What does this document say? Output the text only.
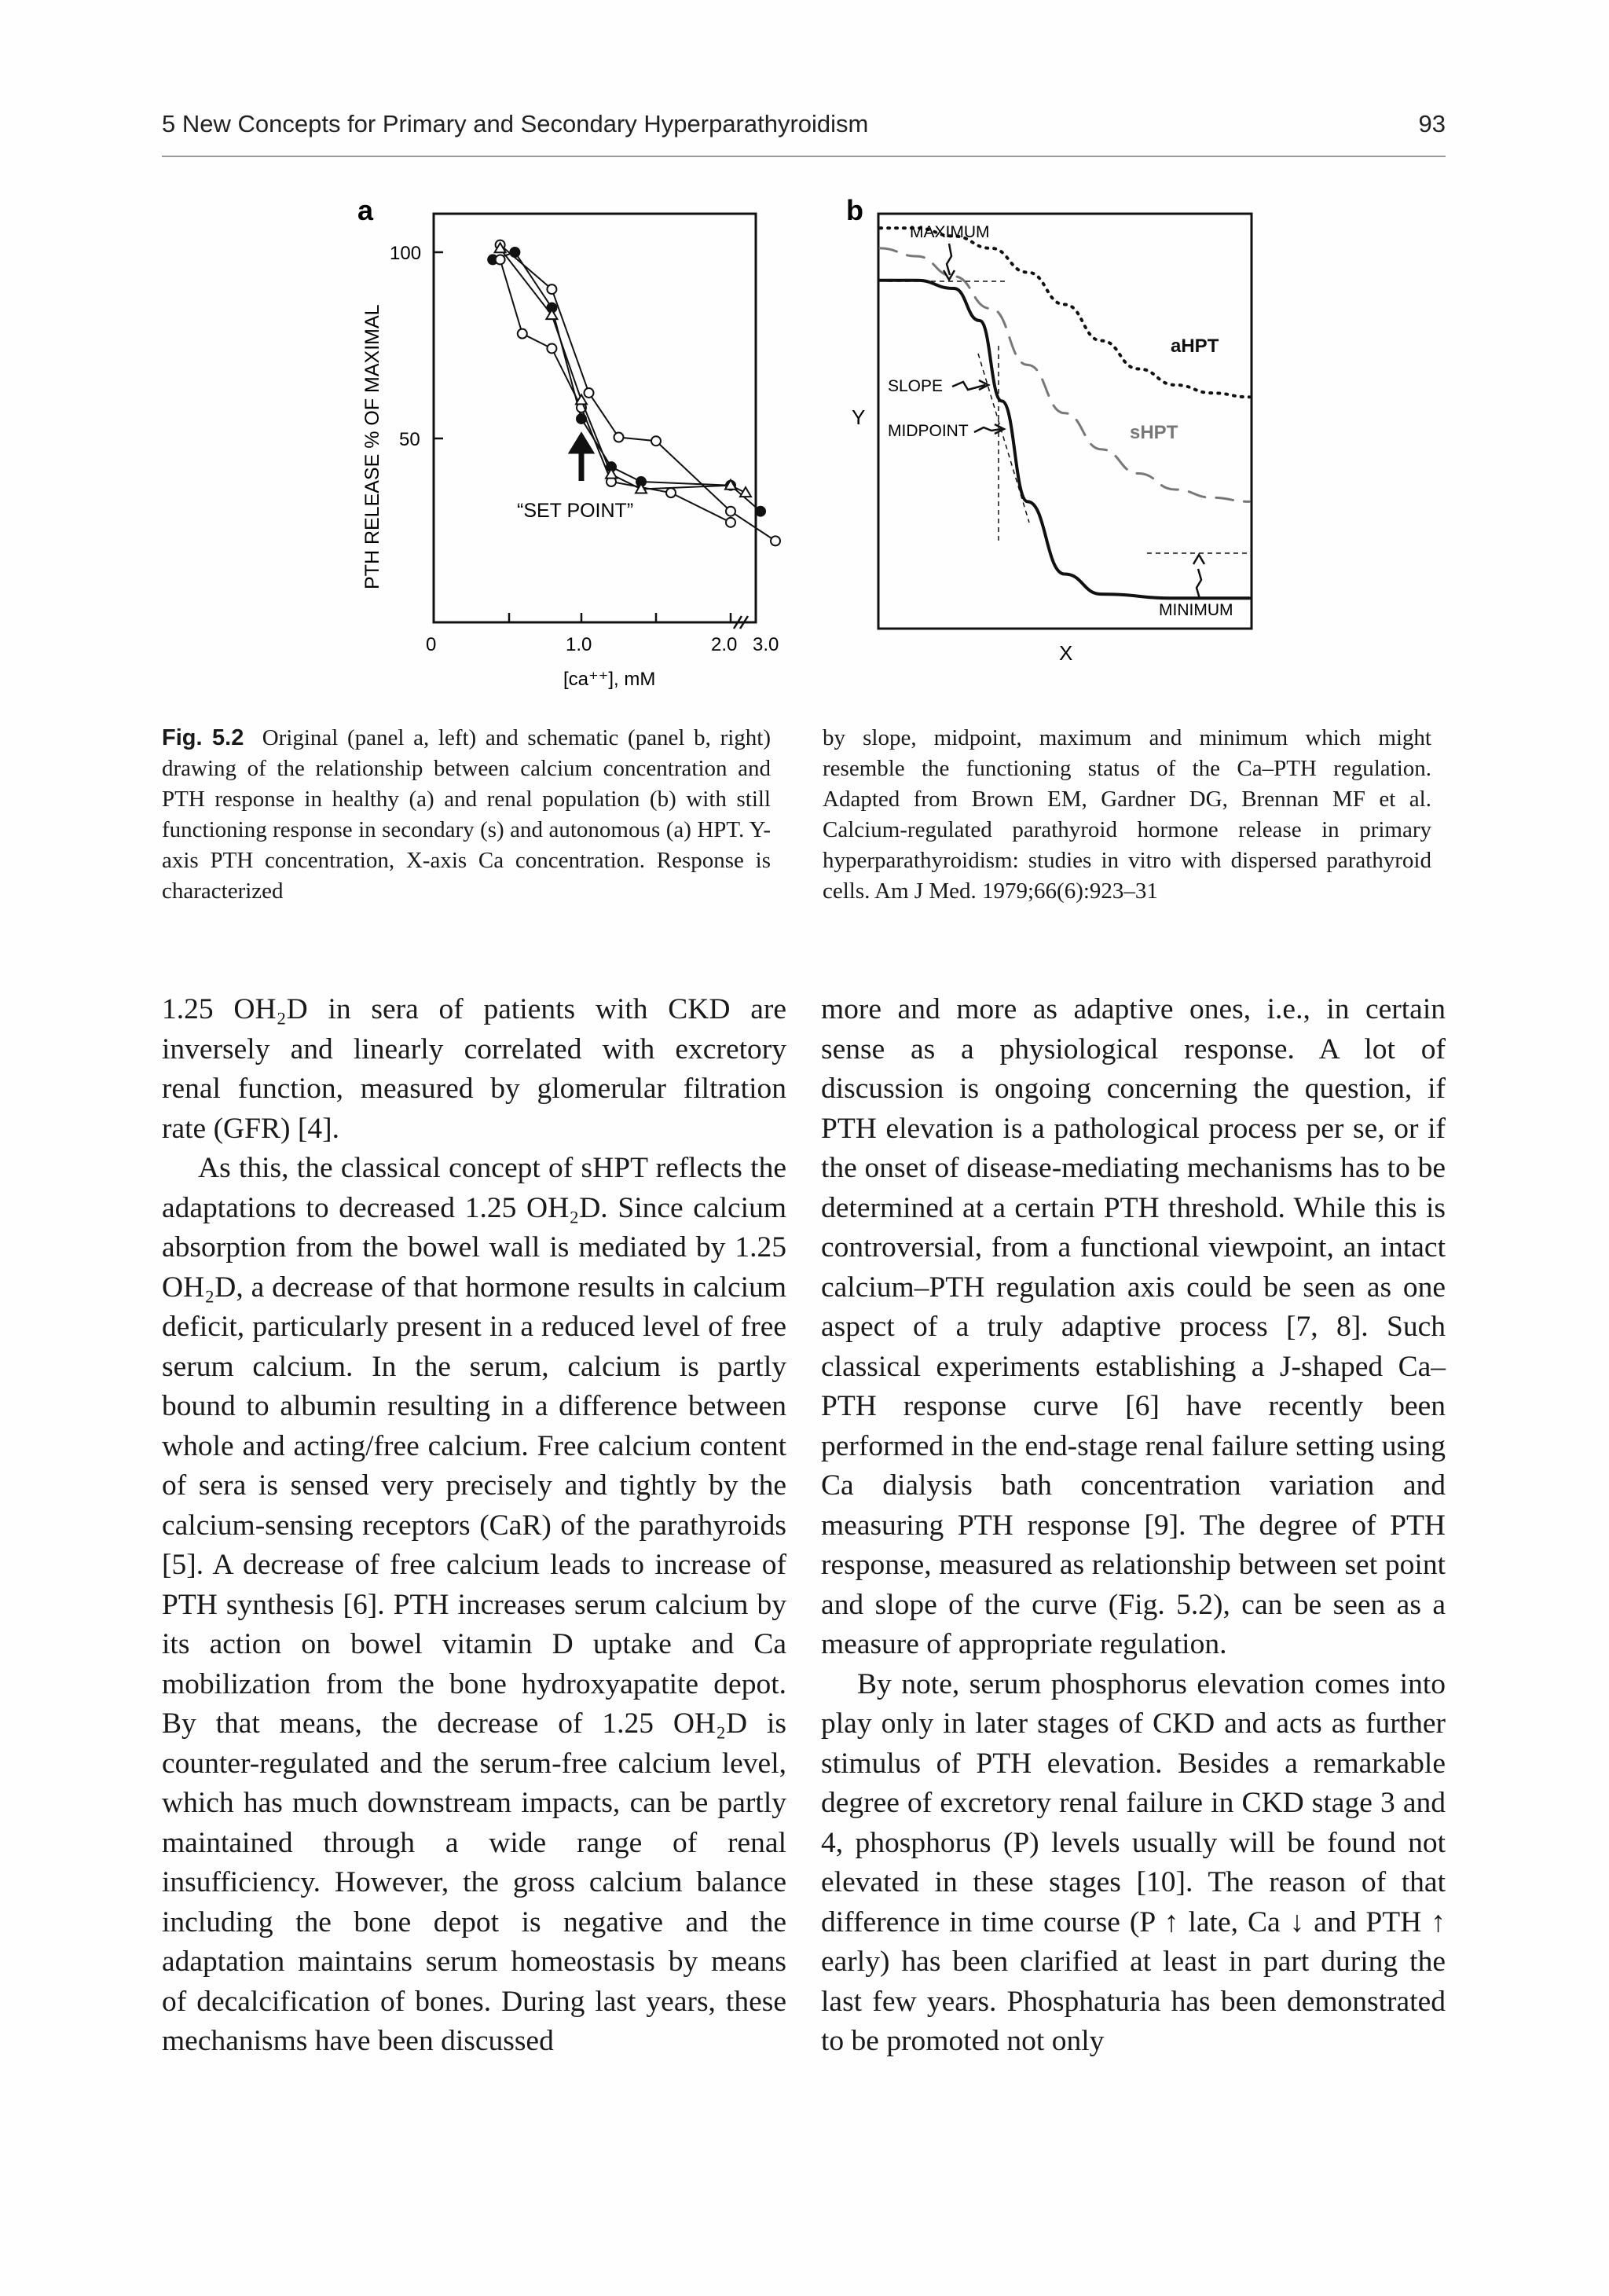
5 New Concepts for Primary and Secondary Hyperparathyroidism	93
a
PTH RELEASE % OF MAXIMAL
100
50
0	1.0	2.0 3.0
[ca⁺⁺], mM
“SET POINT”
b
Y
X
MAXIMUM
SLOPE
MIDPOINT
MINIMUM
aHPT
sHPT
Fig. 5.2 Original (panel a, left) and schematic (panel b, right) drawing of the relationship between calcium concentration and PTH response in healthy (a) and renal population (b) with still functioning response in secondary (s) and autonomous (a) HPT. Y-axis PTH concentration, X-axis Ca concentration. Response is characterized
by slope, midpoint, maximum and minimum which might resemble the functioning status of the Ca–PTH regulation. Adapted from Brown EM, Gardner DG, Brennan MF et al. Calcium-regulated parathyroid hormone release in primary hyperparathyroidism: studies in vitro with dispersed parathyroid cells. Am J Med. 1979;66(6):923–31

1.25 OH₂D in sera of patients with CKD are inversely and linearly correlated with excretory renal function, measured by glomerular filtration rate (GFR) [4].

As this, the classical concept of sHPT reflects the adaptations to decreased 1.25 OH₂D. Since calcium absorption from the bowel wall is mediated by 1.25 OH₂D, a decrease of that hormone results in calcium deficit, particularly present in a reduced level of free serum calcium. In the serum, calcium is partly bound to albumin resulting in a difference between whole and acting/free calcium. Free calcium content of sera is sensed very precisely and tightly by the calcium-sensing receptors (CaR) of the parathyroids [5]. A decrease of free calcium leads to increase of PTH synthesis [6]. PTH increases serum calcium by its action on bowel vitamin D uptake and Ca mobilization from the bone hydroxyapatite depot. By that means, the decrease of 1.25 OH₂D is counter-regulated and the serum-free calcium level, which has much downstream impacts, can be partly maintained through a wide range of renal insufficiency. However, the gross calcium balance including the bone depot is negative and the adaptation maintains serum homeostasis by means of decalcification of bones. During last years, these mechanisms have been discussed

more and more as adaptive ones, i.e., in certain sense as a physiological response. A lot of discussion is ongoing concerning the question, if PTH elevation is a pathological process per se, or if the onset of disease-mediating mechanisms has to be determined at a certain PTH threshold. While this is controversial, from a functional viewpoint, an intact calcium–PTH regulation axis could be seen as one aspect of a truly adaptive process [7, 8]. Such classical experiments establishing a J-shaped Ca–PTH response curve [6] have recently been performed in the end-stage renal failure setting using Ca dialysis bath concentration variation and measuring PTH response [9]. The degree of PTH response, measured as relationship between set point and slope of the curve (Fig. 5.2), can be seen as a measure of appropriate regulation.

By note, serum phosphorus elevation comes into play only in later stages of CKD and acts as further stimulus of PTH elevation. Besides a remarkable degree of excretory renal failure in CKD stage 3 and 4, phosphorus (P) levels usually will be found not elevated in these stages [10]. The reason of that difference in time course (P ↑ late, Ca ↓ and PTH ↑ early) has been clarified at least in part during the last few years. Phosphaturia has been demonstrated to be promoted not only
